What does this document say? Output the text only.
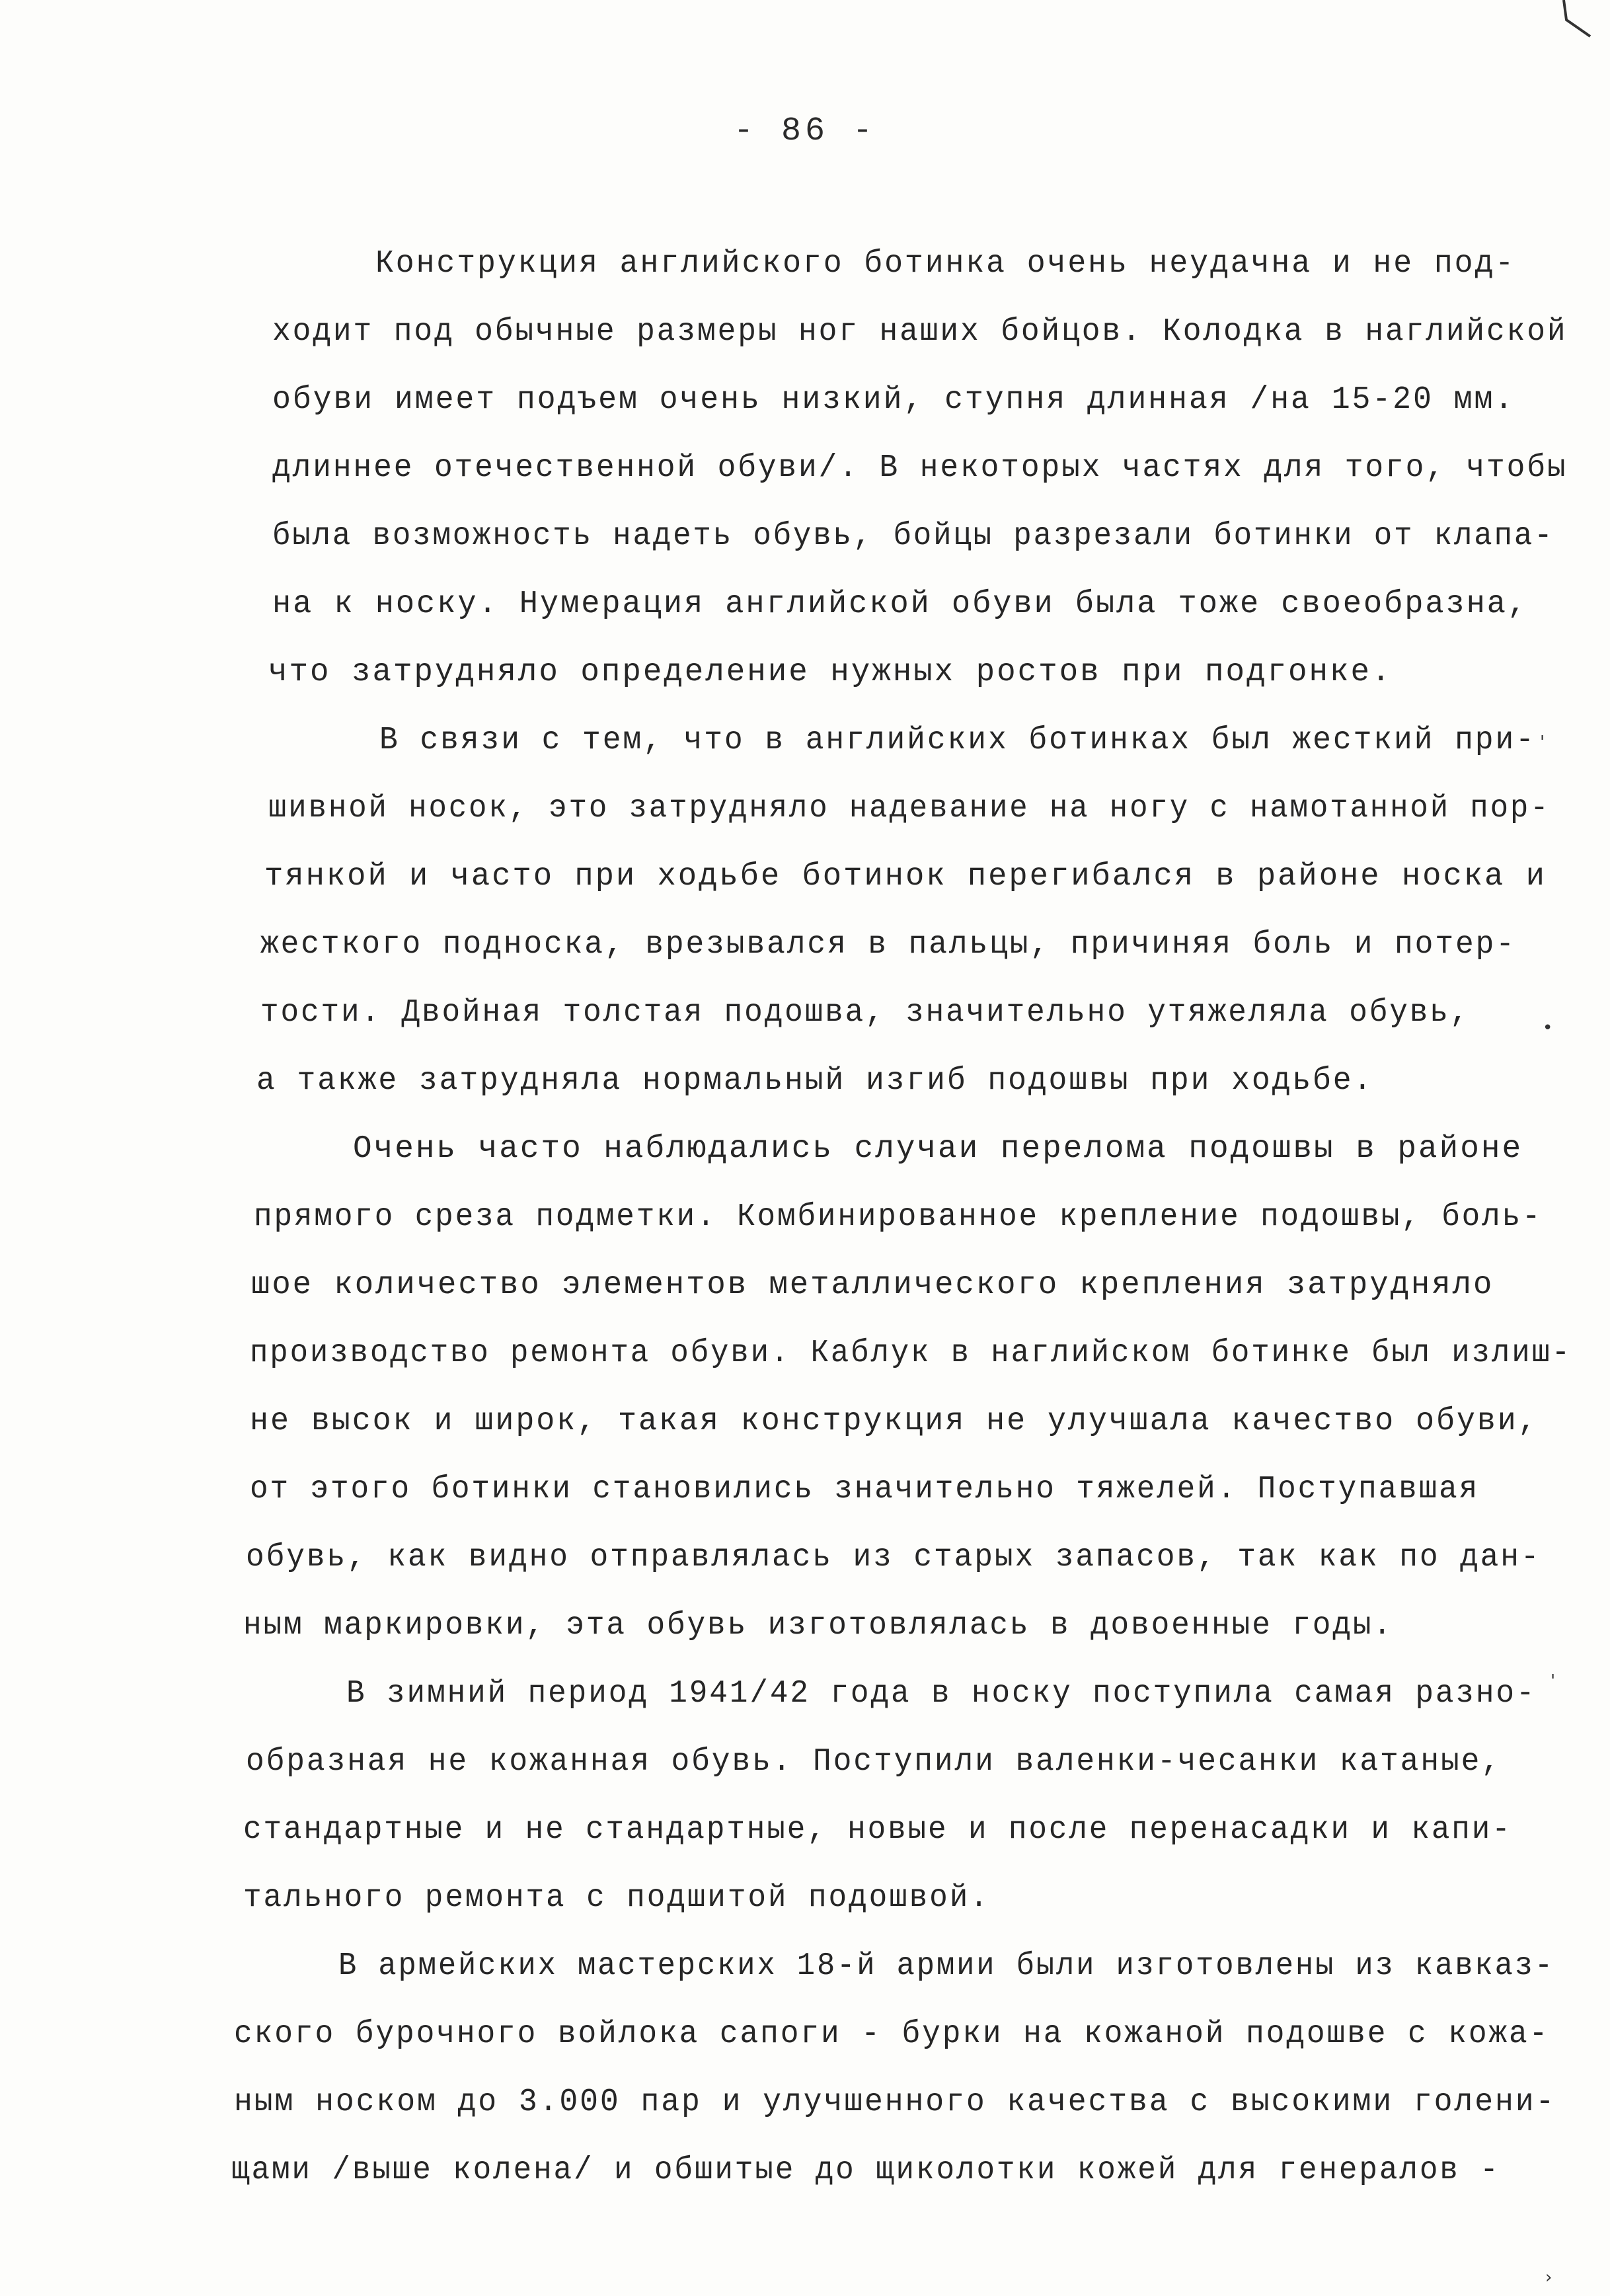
- 86 -
Конструкция английского ботинка очень неудачна и не под-
ходит под обычные размеры ног наших бойцов. Колодка в наглийской
обуви имеет подъем очень низкий, ступня длинная /на 15-20 мм.
длиннее отечественной обуви/. В некоторых частях для того, чтобы
была возможность надеть обувь, бойцы разрезали ботинки от клапа-
на к носку. Нумерация английской обуви была тоже своеобразна,
что затрудняло определение нужных ростов при подгонке.
В связи с тем, что в английских ботинках был жесткий при-
шивной носок, это затрудняло надевание на ногу с намотанной пор-
тянкой и часто при ходьбе ботинок перегибался в районе носка и
жесткого подноска, врезывался в пальцы, причиняя боль и потер-
тости. Двойная толстая подошва, значительно утяжеляла обувь,
а также затрудняла нормальный изгиб подошвы при ходьбе.
Очень часто наблюдались случаи перелома подошвы в районе
прямого среза подметки. Комбинированное крепление подошвы, боль-
шое количество элементов металлического крепления затрудняло
производство ремонта обуви. Каблук в наглийском ботинке был излиш-
не высок и широк, такая конструкция не улучшала качество обуви,
от этого ботинки становились значительно тяжелей. Поступавшая
обувь, как видно отправлялась из старых запасов, так как по дан-
ным маркировки, эта обувь изготовлялась в довоенные годы.
В зимний период 1941/42 года в носку поступила самая разно-
образная не кожанная обувь. Поступили валенки-чесанки катаные,
стандартные и не стандартные, новые и после перенасадки и капи-
тального ремонта с подшитой подошвой.
В армейских мастерских 18-й армии были изготовлены из кавказ-
ского бурочного войлока сапоги - бурки на кожаной подошве с кожа-
ным носком до 3.000 пар и улучшенного качества с высокими голени-
щами /выше колена/ и обшитые до щиколотки кожей для генералов -
'
•
'
›
